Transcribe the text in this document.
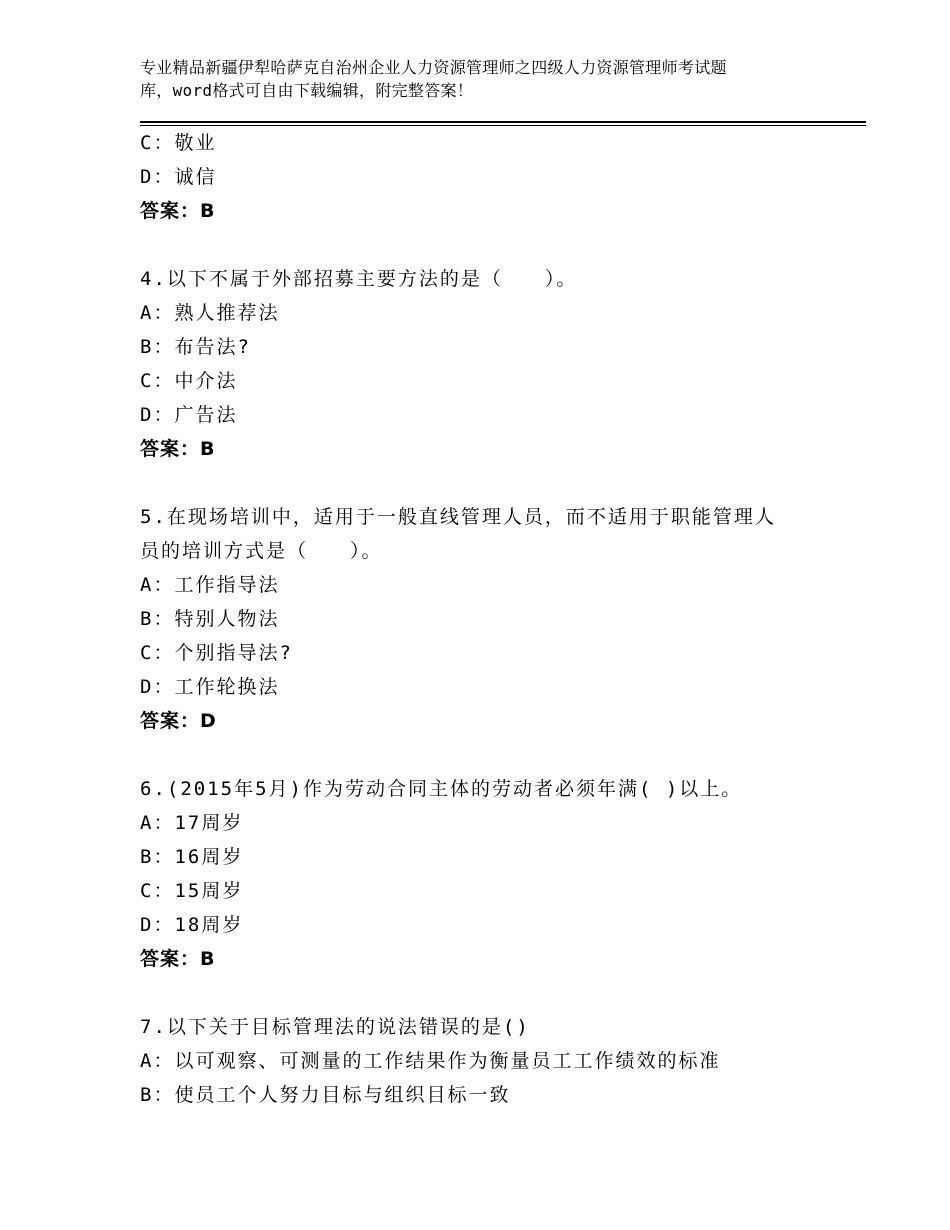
专业精品新疆伊犁哈萨克自治州企业人力资源管理师之四级人力资源管理师考试题
库，word格式可自由下载编辑，附完整答案！
C：敬业
D：诚信
答案：B
4.以下不属于外部招募主要方法的是（　　）。
A：熟人推荐法
B：布告法?
C：中介法
D：广告法
答案：B
5.在现场培训中，适用于一般直线管理人员，而不适用于职能管理人
员的培训方式是（　　）。
A：工作指导法
B：特别人物法
C：个别指导法?
D：工作轮换法
答案：D
6.(2015年5月)作为劳动合同主体的劳动者必须年满( )以上。
A：17周岁
B：16周岁
C：15周岁
D：18周岁
答案：B
7.以下关于目标管理法的说法错误的是()
A：以可观察、可测量的工作结果作为衡量员工工作绩效的标准
B：使员工个人努力目标与组织目标一致
